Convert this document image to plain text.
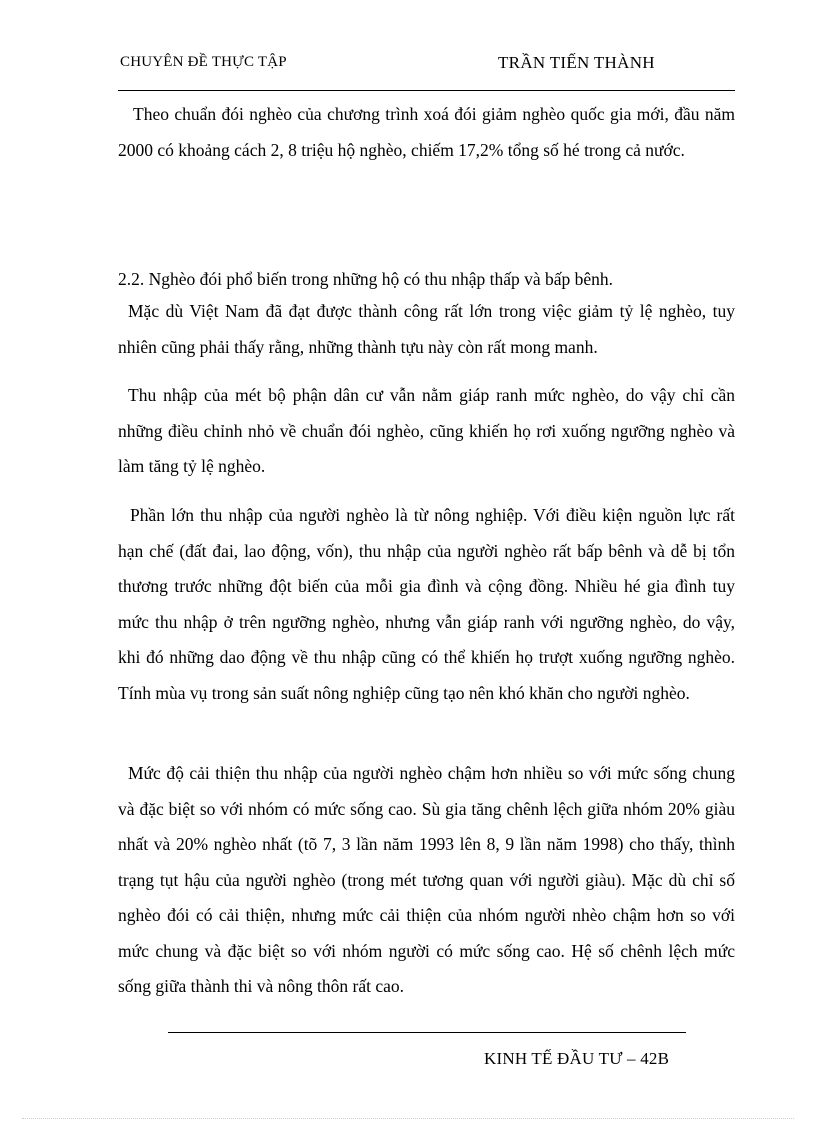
CHUYÊN ĐỀ THỰC TẬP	TRẦN TIẾN THÀNH

Theo chuẩn đói nghèo của chương trình xoá đói giảm nghèo quốc gia mới, đầu năm 2000 có khoảng cách 2, 8 triệu hộ nghèo, chiếm 17,2% tổng số hé trong cả nước.

2.2. Nghèo đói phổ biến trong những hộ có thu nhập thấp và bấp bênh.

Mặc dù Việt Nam đã đạt được thành công rất lớn trong việc giảm tỷ lệ nghèo, tuy nhiên cũng phải thấy rằng, những thành tựu này còn rất mong manh.

Thu nhập của mét bộ phận dân cư vẫn nằm giáp ranh mức nghèo, do vậy chỉ cần những điều chỉnh nhỏ về chuẩn đói nghèo, cũng khiến họ rơi xuống ngưỡng nghèo và làm tăng tỷ lệ nghèo.

Phần lớn thu nhập của người nghèo là từ nông nghiệp. Với điều kiện nguồn lực rất hạn chế (đất đai, lao động, vốn), thu nhập của người nghèo rất bấp bênh và dễ bị tổn thương trước những đột biến của mỗi gia đình và cộng đồng. Nhiều hé gia đình tuy mức thu nhập ở trên ngưỡng nghèo, nhưng vẫn giáp ranh với ngưỡng nghèo, do vậy, khi đó những dao động về thu nhập cũng có thể khiến họ trượt xuống ngưỡng nghèo. Tính mùa vụ trong sản suất nông nghiệp cũng tạo nên khó khăn cho người nghèo.

Mức độ cải thiện thu nhập của người nghèo chậm hơn nhiều so với mức sống chung và đặc biệt so với nhóm có mức sống cao. Sù gia tăng chênh lệch giữa nhóm 20% giàu nhất và 20% nghèo nhất (tõ 7, 3 lần năm 1993 lên 8, 9 lần năm 1998) cho thấy, thình trạng tụt hậu của người nghèo (trong mét tương quan với người giàu). Mặc dù chỉ số nghèo đói có cải thiện, nhưng mức cải thiện của nhóm người nhèo chậm hơn so với mức chung và đặc biệt so với nhóm người có mức sống cao. Hệ số chênh lệch mức sống giữa thành thi và nông thôn rất cao.

KINH TẾ ĐẦU TƯ – 42B
